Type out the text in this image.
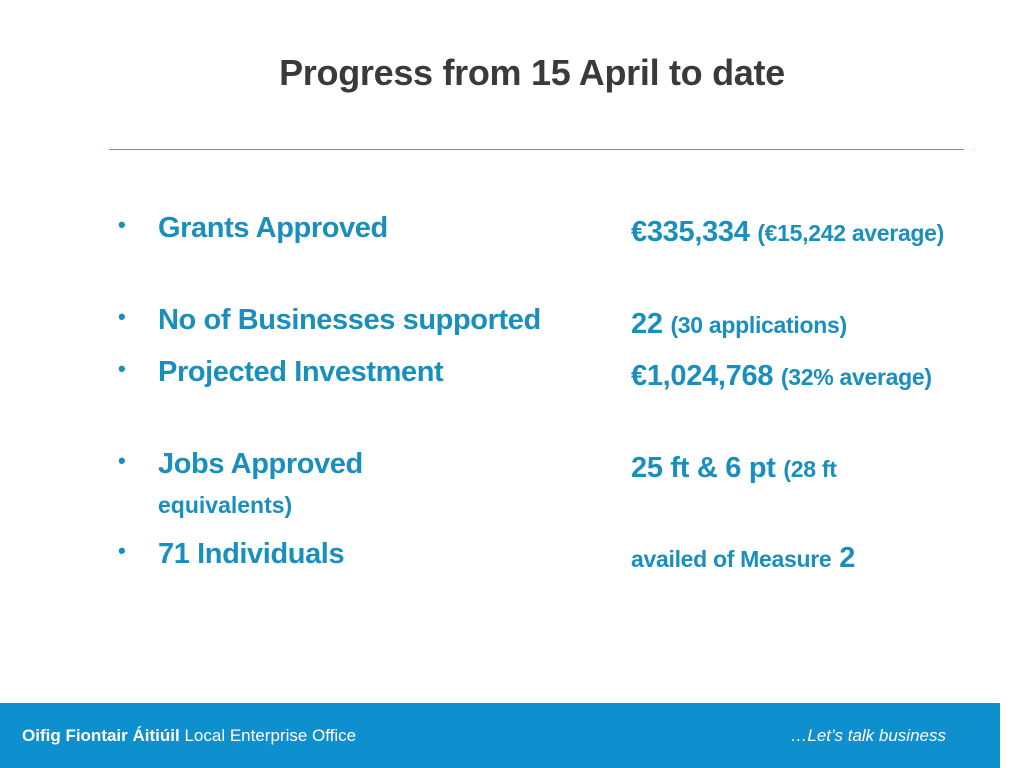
Progress from 15 April to date
• Grants Approved	€335,334 (€15,242 average)
• No of Businesses supported	22 (30 applications)
• Projected Investment	€1,024,768 (32% average)
• Jobs Approved	25 ft & 6 pt (28 ft
equivalents)
• 71 Individuals	availed of Measure 2
Oifig Fiontair Áitiúil Local Enterprise Office	…Let’s talk business
